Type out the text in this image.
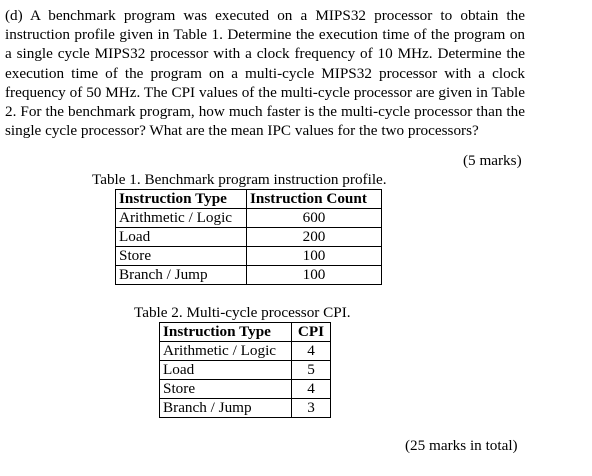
(d) A benchmark program was executed on a MIPS32 processor to obtain the instruction profile given in Table 1. Determine the execution time of the program on a single cycle MIPS32 processor with a clock frequency of 10 MHz. Determine the execution time of the program on a multi-cycle MIPS32 processor with a clock frequency of 50 MHz. The CPI values of the multi-cycle processor are given in Table 2. For the benchmark program, how much faster is the multi-cycle processor than the single cycle processor? What are the mean IPC values for the two processors?
(5 marks)
Table 1. Benchmark program instruction profile.
Instruction Type	Instruction Count
Arithmetic / Logic	600
Load	200
Store	100
Branch / Jump	100
Table 2. Multi-cycle processor CPI.
Instruction Type	CPI
Arithmetic / Logic	4
Load	5
Store	4
Branch / Jump	3
(25 marks in total)
